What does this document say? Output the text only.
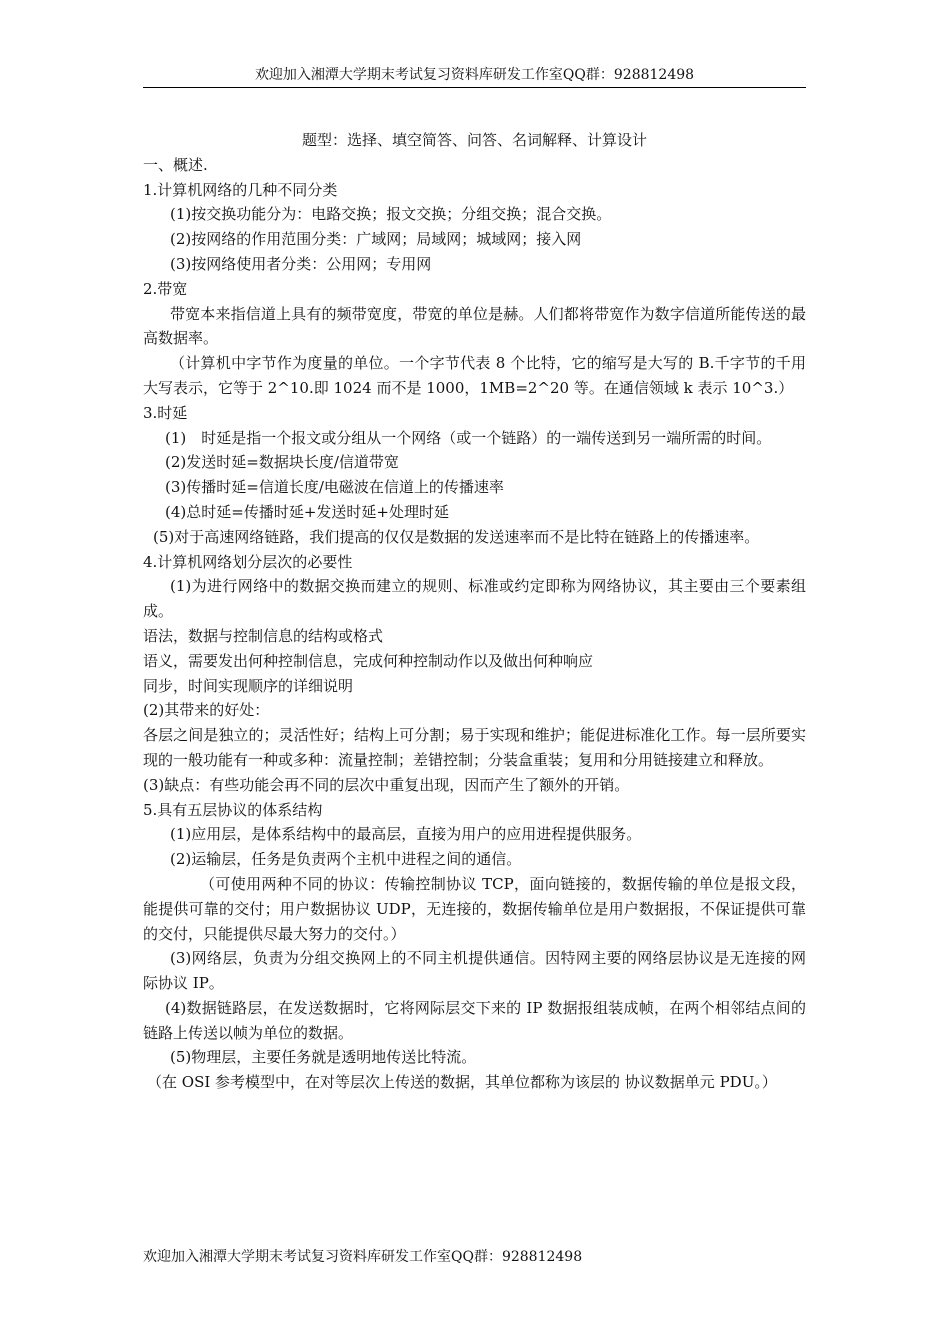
欢迎加入湘潭大学期末考试复习资料库研发工作室QQ群：928812498

题型：选择、填空简答、问答、名词解释、计算设计

一、概述.

1.计算机网络的几种不同分类

(1)按交换功能分为：电路交换；报文交换；分组交换；混合交换。

(2)按网络的作用范围分类：广域网；局域网；城域网；接入网

(3)按网络使用者分类：公用网；专用网

2.带宽

带宽本来指信道上具有的频带宽度，带宽的单位是赫。人们都将带宽作为数字信道所能传送的最高数据率。

（计算机中字节作为度量的单位。一个字节代表 8 个比特，它的缩写是大写的 B.千字节的千用大写表示，它等于 2^10.即 1024 而不是 1000，1MB=2^20 等。在通信领域 k 表示 10^3.）

3.时延

(1)　时延是指一个报文或分组从一个网络（或一个链路）的一端传送到另一端所需的时间。

(2)发送时延=数据块长度/信道带宽

(3)传播时延=信道长度/电磁波在信道上的传播速率

(4)总时延=传播时延+发送时延+处理时延

(5)对于高速网络链路，我们提高的仅仅是数据的发送速率而不是比特在链路上的传播速率。

4.计算机网络划分层次的必要性

(1)为进行网络中的数据交换而建立的规则、标准或约定即称为网络协议，其主要由三个要素组成。

语法，数据与控制信息的结构或格式

语义，需要发出何种控制信息，完成何种控制动作以及做出何种响应

同步，时间实现顺序的详细说明

(2)其带来的好处：

各层之间是独立的；灵活性好；结构上可分割；易于实现和维护；能促进标准化工作。每一层所要实现的一般功能有一种或多种：流量控制；差错控制；分装盒重装；复用和分用链接建立和释放。

(3)缺点：有些功能会再不同的层次中重复出现，因而产生了额外的开销。

5.具有五层协议的体系结构

(1)应用层，是体系结构中的最高层，直接为用户的应用进程提供服务。

(2)运输层，任务是负责两个主机中进程之间的通信。

（可使用两种不同的协议：传输控制协议 TCP，面向链接的，数据传输的单位是报文段，能提供可靠的交付；用户数据协议 UDP，无连接的，数据传输单位是用户数据报，不保证提供可靠的交付，只能提供尽最大努力的交付。）

(3)网络层，负责为分组交换网上的不同主机提供通信。因特网主要的网络层协议是无连接的网际协议 IP。

(4)数据链路层，在发送数据时，它将网际层交下来的 IP 数据报组装成帧，在两个相邻结点间的链路上传送以帧为单位的数据。

(5)物理层，主要任务就是透明地传送比特流。

（在 OSI 参考模型中，在对等层次上传送的数据，其单位都称为该层的 协议数据单元 PDU。）

欢迎加入湘潭大学期末考试复习资料库研发工作室QQ群：928812498
